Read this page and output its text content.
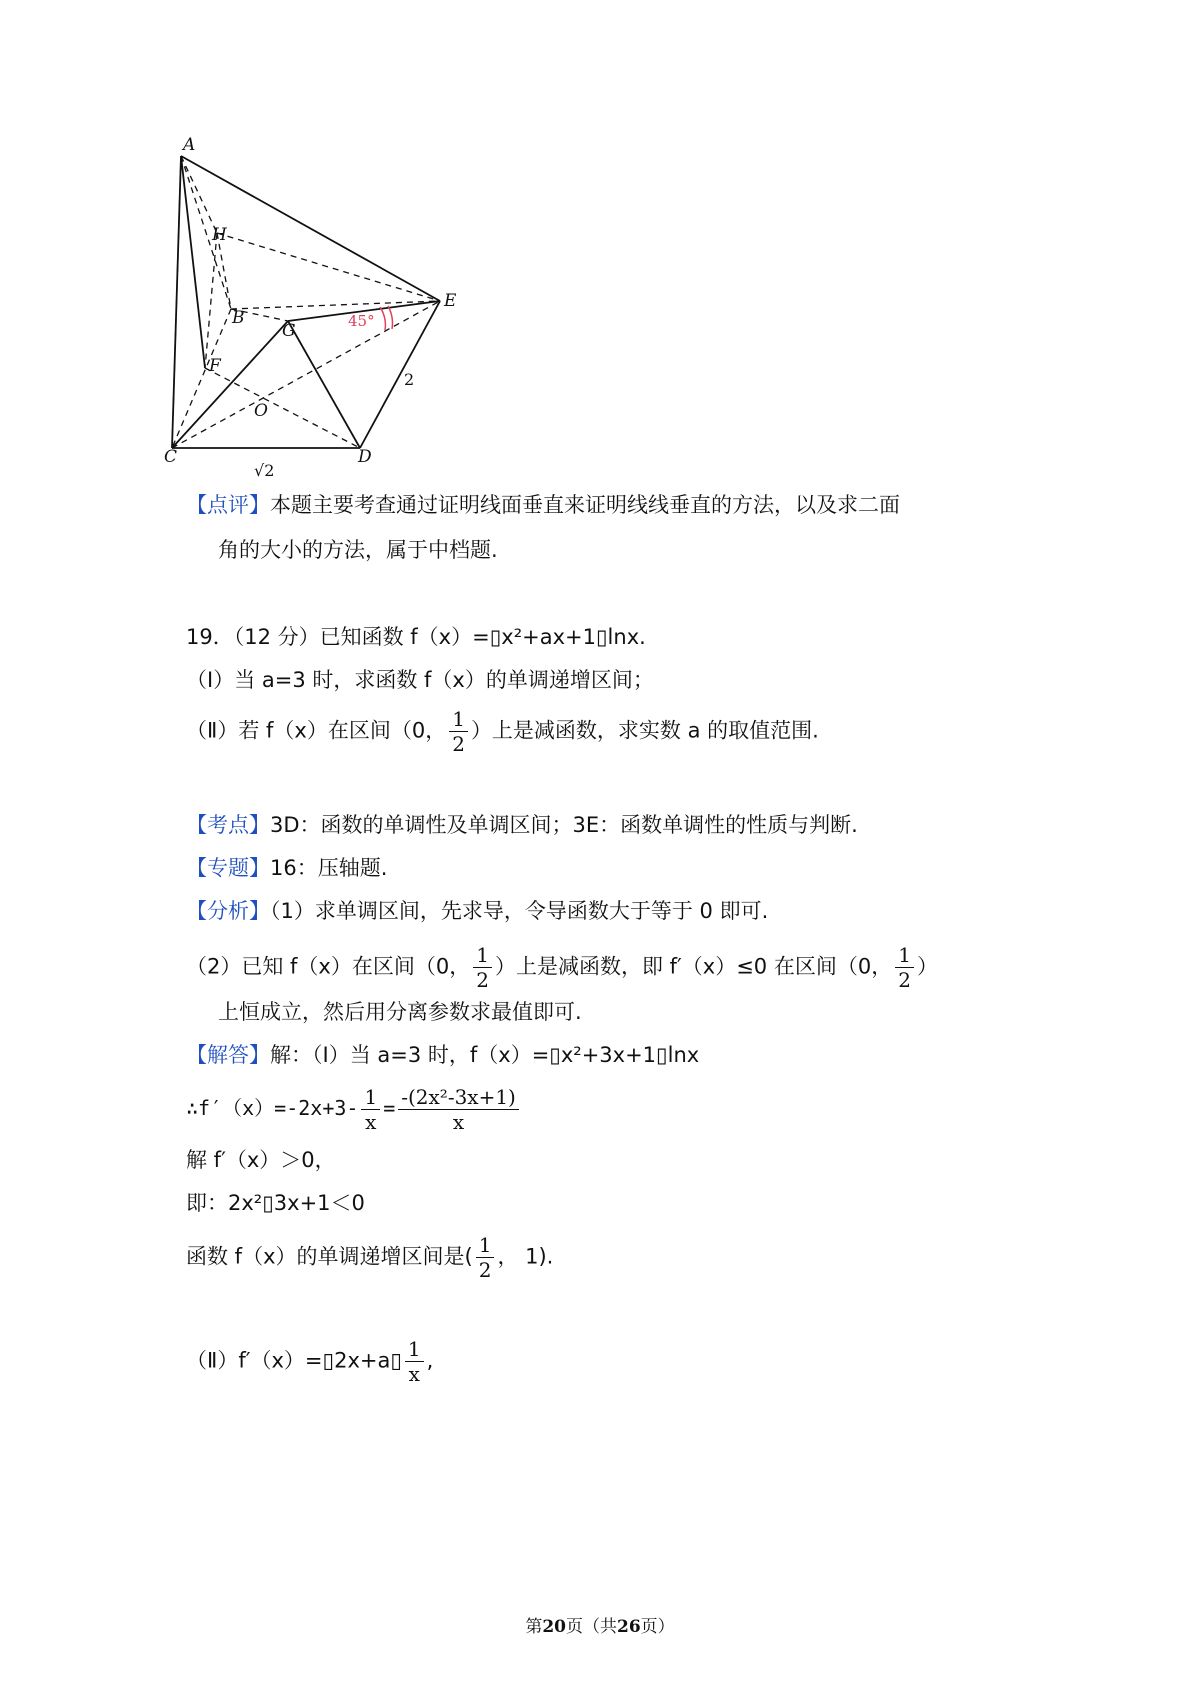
45°
A
H
B
G
E
F
O
C	D
2
√2
【点评】本题主要考查通过证明线面垂直来证明线线垂直的方法，以及求二面
角的大小的方法，属于中档题.
19．（12 分）已知函数 f（x）=▯x²+ax+1▯lnx.
（Ⅰ）当 a=3 时，求函数 f（x）的单调递增区间；
（Ⅱ）若 f（x）在区间（0， $\frac{1}{2}$ ）上是减函数，求实数 a 的取值范围.
【考点】3D：函数的单调性及单调区间；3E：函数单调性的性质与判断.
【专题】16：压轴题.
【分析】（1）求单调区间，先求导，令导函数大于等于 0 即可.
（2）已知 f（x）在区间（0， $\frac{1}{2}$ ）上是减函数，即 f′（x）≤0 在区间（0， $\frac{1}{2}$ ）
上恒成立，然后用分离参数求最值即可.
【解答】解：（Ⅰ）当 a=3 时，f（x）=▯x²+3x+1▯lnx
∴f′（x）=-2x+3- $\frac{1}{x} = \frac{\text{-(2x²-3x+1)}}{x}$
解 f′（x）＞0，
即：2x²▯3x+1＜0
函数 f（x）的单调递增区间是( $\frac{1}{2}$ ， 1).
（Ⅱ）f′（x）=▯2x+a▯ $\frac{1}{x}$ ,
第20页（共26页）
